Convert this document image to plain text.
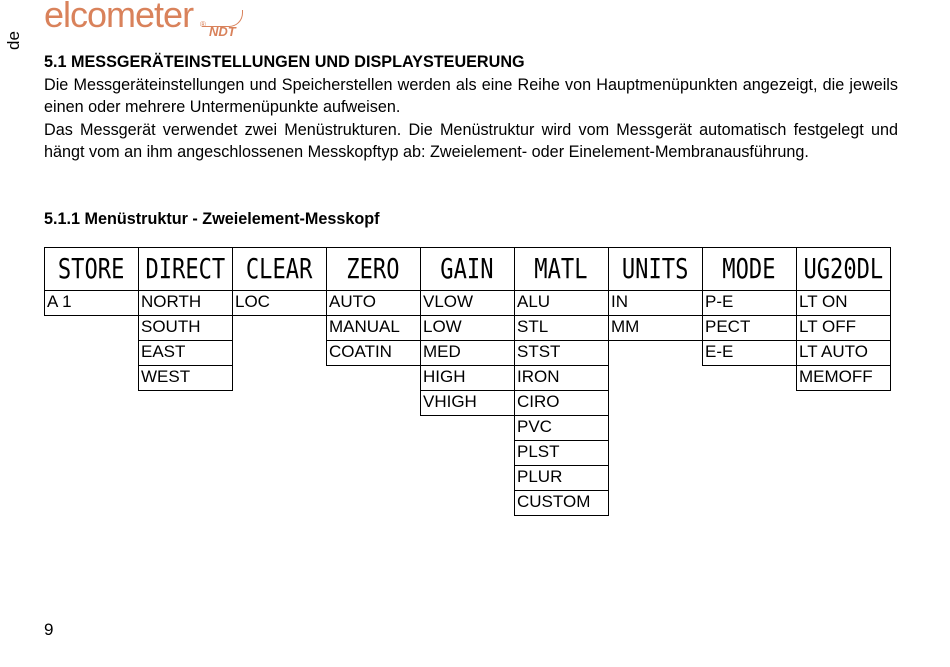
de
elcometer ® NDT
5.1 MESSGERÄTEINSTELLUNGEN UND DISPLAYSTEUERUNG
Die Messgeräteinstellungen und Speicherstellen werden als eine Reihe von Hauptmenüpunkten angezeigt, die jeweils einen oder mehrere Untermenüpunkte aufweisen.
Das Messgerät verwendet zwei Menüstrukturen. Die Menüstruktur wird vom Messgerät automatisch festgelegt und hängt vom an ihm angeschlossenen Messkopftyp ab: Zweielement- oder Einelement-Membranausführung.
5.1.1 Menüstruktur - Zweielement-Messkopf
STORE
A 1
DIRECT
NORTH
SOUTH
EAST
WEST
CLEAR
LOC
ZERO
AUTO
MANUAL
COATIN
GAIN
VLOW
LOW
MED
HIGH
VHIGH
MATL
ALU
STL
STST
IRON
CIRO
PVC
PLST
PLUR
CUSTOM
UNITS
IN
MM
MODE
P-E
PECT
E-E
UG20DL
LT ON
LT OFF
LT AUTO
MEMOFF
9
